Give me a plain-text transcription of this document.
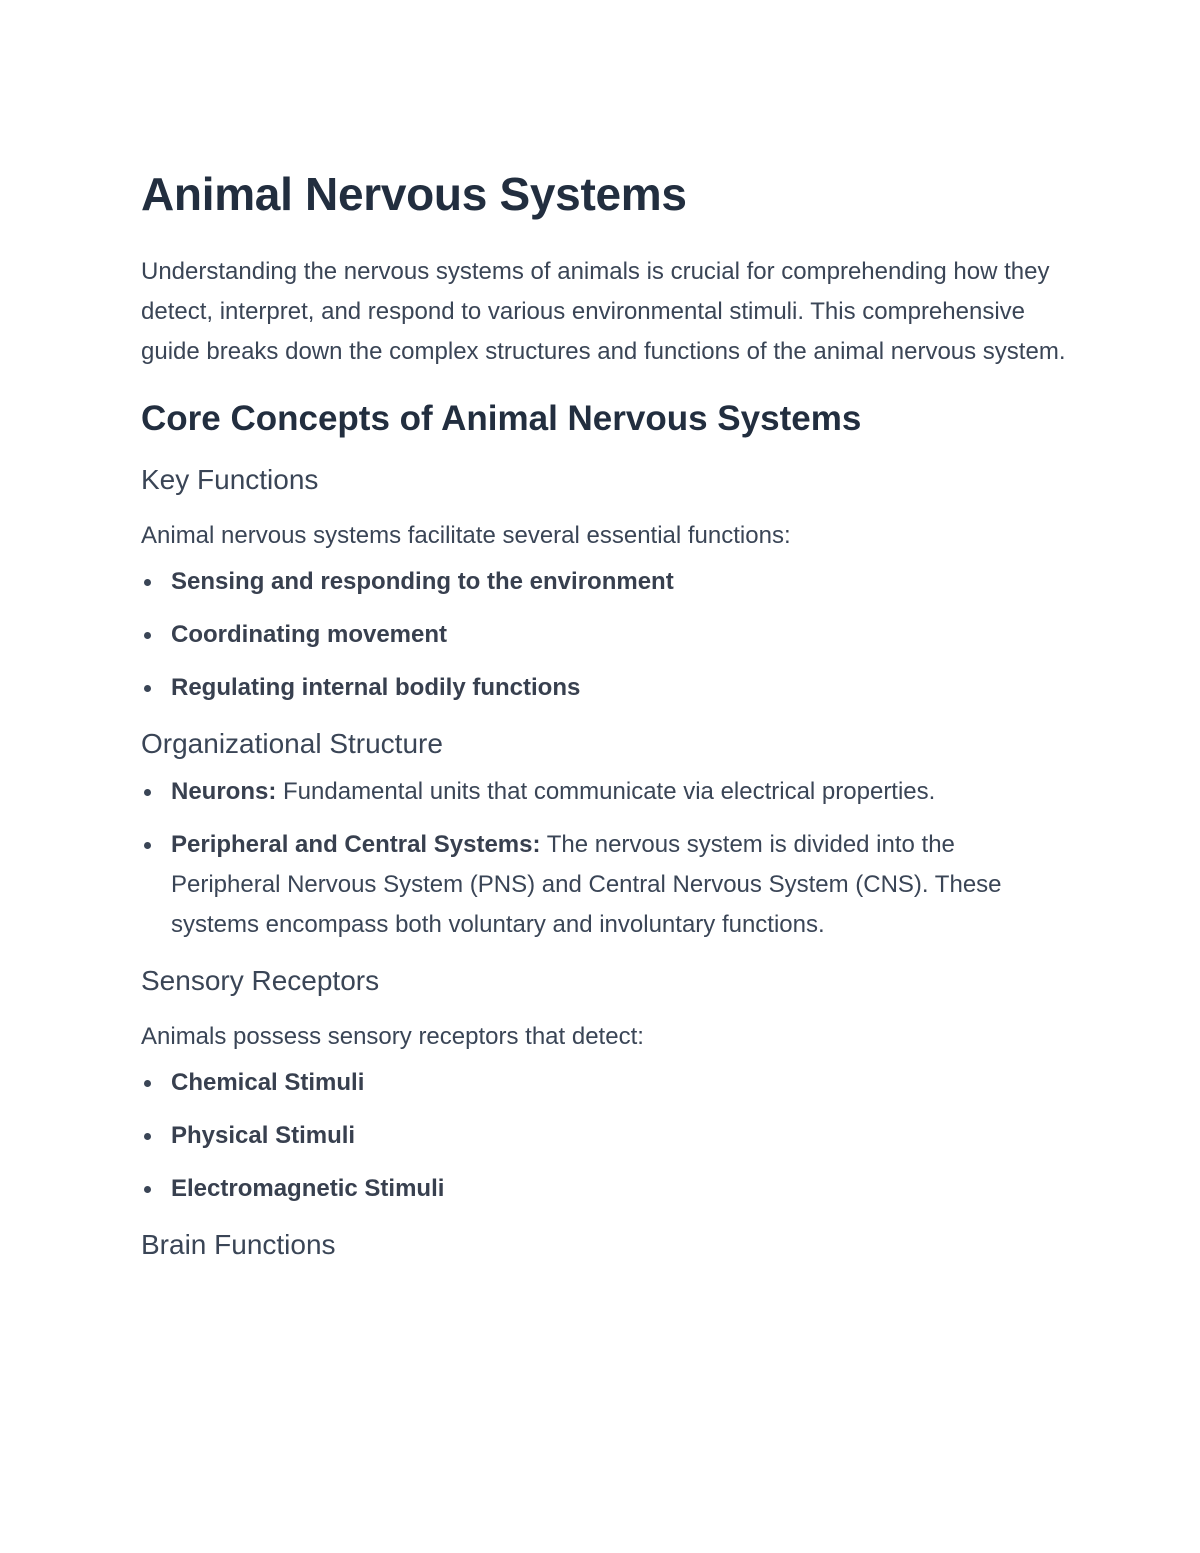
Animal Nervous Systems

Understanding the nervous systems of animals is crucial for comprehending how they detect, interpret, and respond to various environmental stimuli. This comprehensive guide breaks down the complex structures and functions of the animal nervous system.

Core Concepts of Animal Nervous Systems
Key Functions

Animal nervous systems facilitate several essential functions:

Sensing and responding to the environment
Coordinating movement
Regulating internal bodily functions
Organizational Structure
Neurons: Fundamental units that communicate via electrical properties.
Peripheral and Central Systems: The nervous system is divided into the Peripheral Nervous System (PNS) and Central Nervous System (CNS). These systems encompass both voluntary and involuntary functions.
Sensory Receptors

Animals possess sensory receptors that detect:

Chemical Stimuli
Physical Stimuli
Electromagnetic Stimuli
Brain Functions
